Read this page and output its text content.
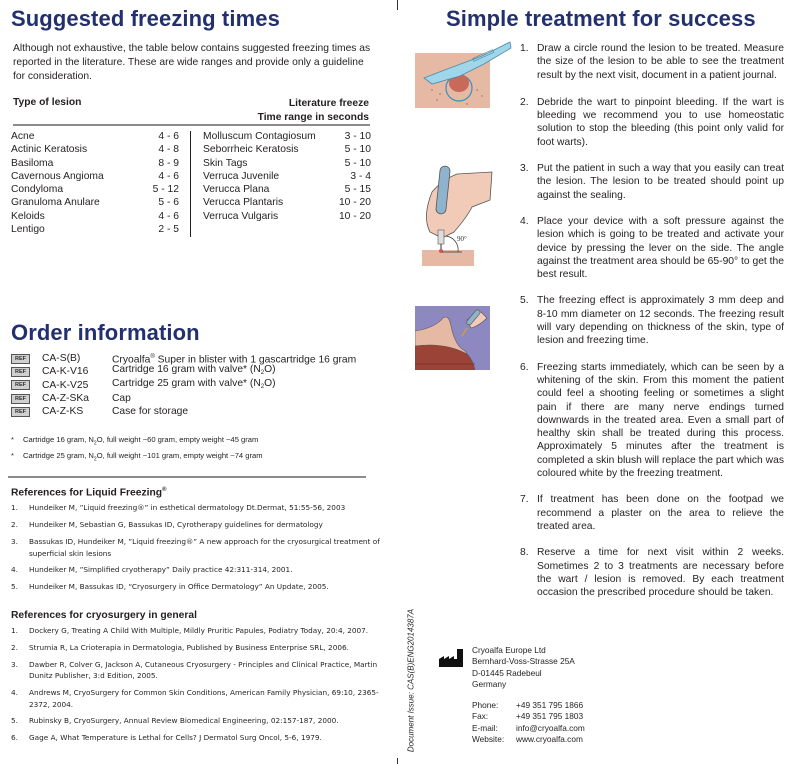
Suggested freezing times
Although not exhaustive, the table below contains suggested freezing times as reported in the literature. These are wide ranges and provide only a guideline for consideration.
Type of lesion	Literature freeze
Time range in seconds
Acne	4 - 6
Actinic Keratosis	4 - 8
Basiloma	8 - 9
Cavernous Angioma	4 - 6
Condyloma	5 - 12
Granuloma Anulare	5 - 6
Keloids	4 - 6
Lentigo	2 - 5
Molluscum Contagiosum	3 - 10
Seborrheic Keratosis	5 - 10
Skin Tags	5 - 10
Verruca Juvenile	3 - 4
Verucca Plana	5 - 15
Verucca Plantaris	10 - 20
Verruca Vulgaris	10 - 20
Order information
REF	CA-S(B)	Cryoalfa® Super in blister with 1 gascartridge 16 gram
REF	CA-K-V16	Cartridge 16 gram with valve* $(N_2O)$
REF	CA-K-V25	Cartridge 25 gram with valve* $(N_2O)$
REF	CA-Z-SKa	Cap
REF	CA-Z-KS	Case for storage
*	Cartridge 16 gram, $N_2O$, full weight ~60 gram, empty weight ~45 gram
*	Cartridge 25 gram, $N_2O$, full weight ~101 gram, empty weight ~74 gram
References for Liquid Freezing®
1.	Hundeiker M, ”Liquid freezing®” in esthetical dermatology Dt.Dermat, 51:55-56, 2003
2.	Hundeiker M, Sebastian G, Bassukas ID, Cyrotherapy guidelines for dermatology
3.	Bassukas ID, Hundeiker M, ”Liquid freezing®” A new approach for the cryosurgical treatment of superficial skin lesions
4.	Hundeiker M, ”Simplified cryotherapy” Daily practice 42:311-314, 2001.
5.	Hundeiker M, Bassukas ID, “Cryosurgery in Office Dermatology” An Update, 2005.
References for cryosurgery in general
1.	Dockery G, Treating A Child With Multiple, Mildly Pruritic Papules, Podiatry Today, 20:4, 2007.
2.	Strumia R, La Crioterapia in Dermatologia, Published by Business Enterprise SRL, 2006.
3.	Dawber R, Colver G, Jackson A, Cutaneous Cryosurgery - Principles and Clinical Practice, Martin Dunitz Publisher, 3:d Edition, 2005.
4.	Andrews M, CryoSurgery for Common Skin Conditions, American Family Physician, 69:10, 2365-2372, 2004.
5.	Rubinsky B, CryoSurgery, Annual Review Biomedical Engineering, 02:157-187, 2000.
6.	Gage A, What Temperature is Lethal for Cells? J Dermatol Surg Oncol, 5-6, 1979.	Document Issue: CAS(B)ENG2014387A
Simple treatment for success
90°
1. Draw a circle round the lesion to be treated. Measure the size of the lesion to be able to see the treatment result by the next visit, document in a patient journal.
2. Debride the wart to pinpoint bleeding. If the wart is bleeding we recommend you to use homeostatic solution to stop the bleeding (this point only valid for foot warts).
3. Put the patient in such a way that you easily can treat the lesion. The lesion to be treated should point up against the sealing.
4. Place your device with a soft pressure against the lesion which is going to be treated and activate your device by pressing the lever on the side. The angle against the treatment area should be 65-90° to get the best result.
5. The freezing effect is approximately 3 mm deep and 8-10 mm diameter on 12 seconds. The freezing result will vary depending on thickness of the skin, type of lesion and freezing time.
6. Freezing starts immediately, which can be seen by a whitening of the skin. From this moment the patient could feel a shooting feeling or sometimes a slight pain if there are many nerve endings turned downwards in the treated area. Even a small part of healthy skin shall be treated during this process. Approximately 5 minutes after the treatment is completed a skin blush will replace the part which was coloured white by the freezing treatment.
7. If treatment has been done on the footpad we recommend a plaster on the area to relieve the treated area.
8. Reserve a time for next visit within 2 weeks. Sometimes 2 to 3 treatments are necessary before the wart / lesion is removed. By each treatment occasion the prescribed procedure should be taken.
Cryoalfa Europe Ltd
Bernhard-Voss-Strasse 25A
D-01445 Radebeul
Germany
Phone:	+49 351 795 1866
Fax:	+49 351 795 1803
E-mail:	info@cryoalfa.com
Website:	www.cryoalfa.com
